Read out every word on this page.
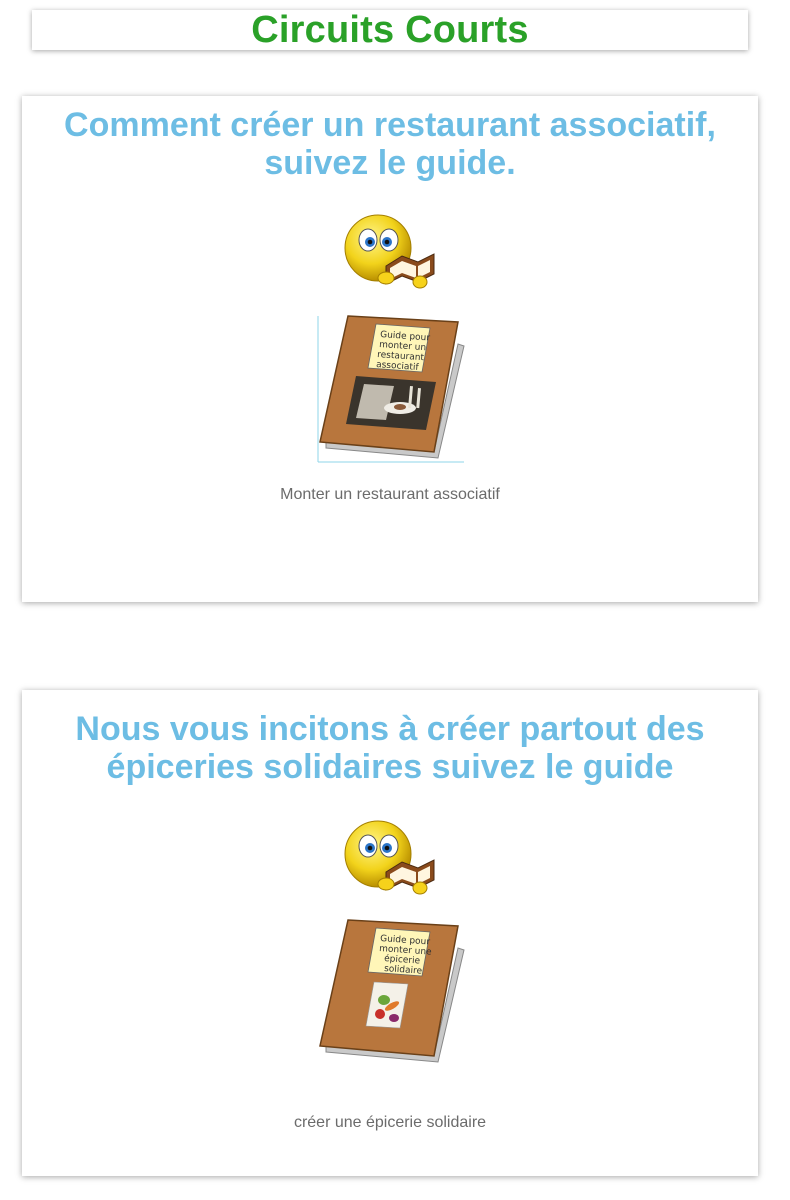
Circuits Courts
Comment créer un restaurant associatif, suivez le guide.
Guide pour
monter un
restaurant
associatif
Monter un restaurant associatif
Nous vous incitons à créer partout des épiceries solidaires suivez le guide
Guide pour
monter une
épicerie
solidaire
créer une épicerie solidaire
